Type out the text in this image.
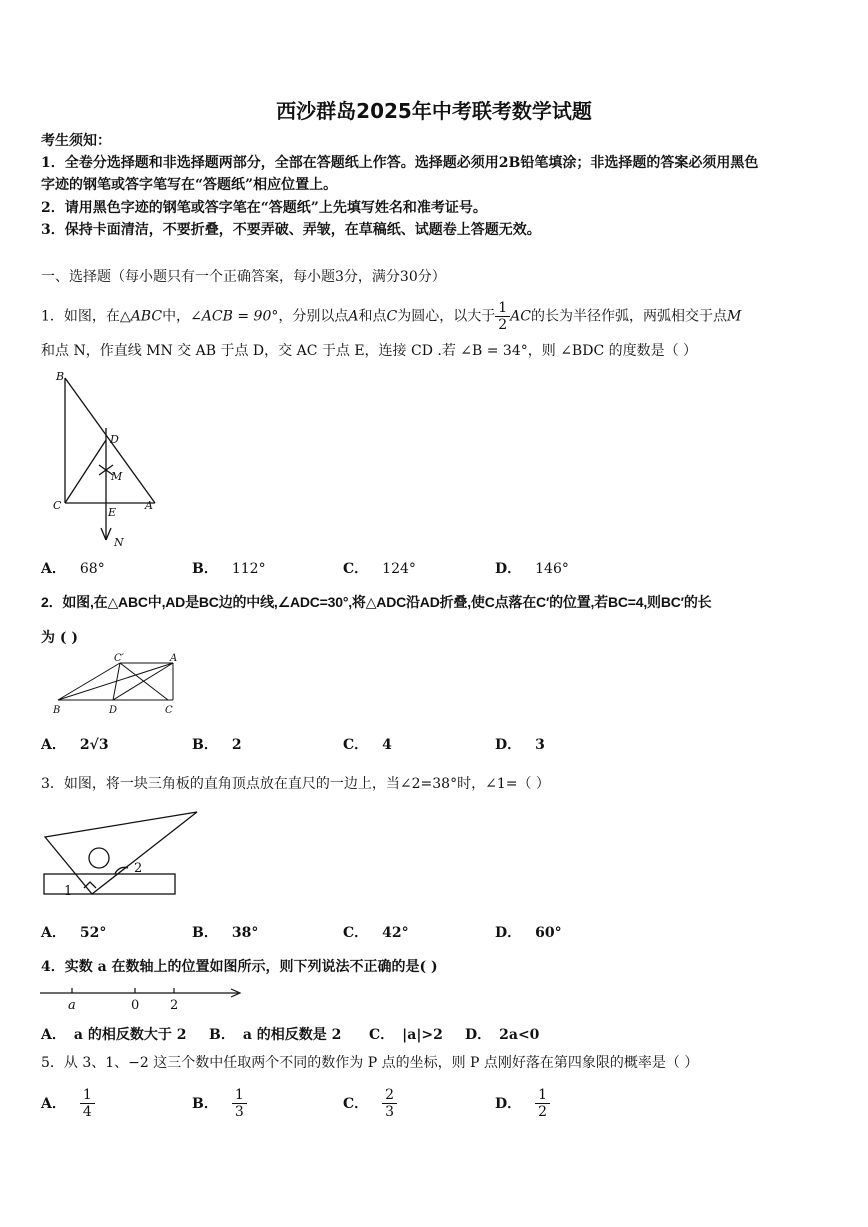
西沙群岛2025年中考联考数学试题
考生须知：
1．全卷分选择题和非选择题两部分，全部在答题纸上作答。选择题必须用2B铅笔填涂；非选择题的答案必须用黑色
字迹的钢笔或答字笔写在“答题纸”相应位置上。
2．请用黑色字迹的钢笔或答字笔在“答题纸”上先填写姓名和准考证号。
3．保持卡面清洁，不要折叠，不要弄破、弄皱，在草稿纸、试题卷上答题无效。
一、选择题（每小题只有一个正确答案，每小题3分，满分30分）
1．如图，在△ABC中，∠ACB = 90°，分别以点A和点C为圆心，以大于 $\frac{1}{2}$ AC的长为半径作弧，两弧相交于点M
和点 N，作直线 MN 交 AB 于点 D，交 AC 于点 E，连接 CD .若 ∠B = 34°，则 ∠BDC 的度数是（ ）
B
D
M
C
E
A
N
A． 68°	B． 112°	C． 124°	D． 146°
2．如图,在△ABC中,AD是BC边的中线,∠ADC=30°,将△ADC沿AD折叠,使C点落在C′的位置,若BC=4,则BC′的长
为 ( )
C′	A
B	D	C
A． 2√3	B． 2	C． 4	D． 3
3．如图，将一块三角板的直角顶点放在直尺的一边上，当∠2=38°时，∠1=（ ）
1
2
A． 52°	B． 38°	C． 42°	D． 60°
4．实数 a 在数轴上的位置如图所示，则下列说法不正确的是( )
a	0 2
A． a 的相反数大于 2 B． a 的相反数是 2 C． |a|>2 D． 2a<0
5．从 3、1、−2 这三个数中任取两个不同的数作为 P 点的坐标，则 P 点刚好落在第四象限的概率是（ ）
A． $\frac{1}{4}$	B． $\frac{1}{3}$	C． $\frac{2}{3}$	D． $\frac{1}{2}$
